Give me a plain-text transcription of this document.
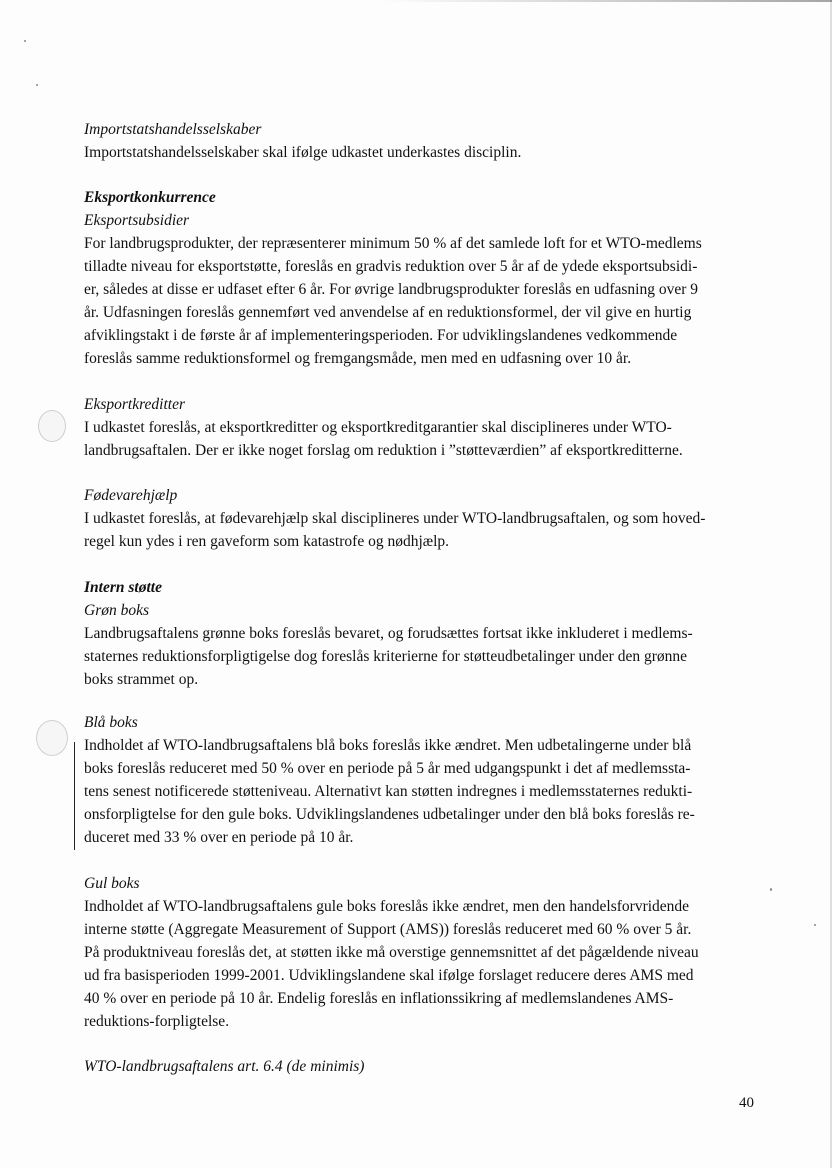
Importstatshandelsselskaber

Importstatshandelsselskaber skal ifølge udkastet underkastes disciplin.

Eksportkonkurrence

Eksportsubsidier

For landbrugsprodukter, der repræsenterer minimum 50 % af det samlede loft for et WTO-medlems

tilladte niveau for eksportstøtte, foreslås en gradvis reduktion over 5 år af de ydede eksportsubsidi-

er, således at disse er udfaset efter 6 år. For øvrige landbrugsprodukter foreslås en udfasning over 9

år. Udfasningen foreslås gennemført ved anvendelse af en reduktionsformel, der vil give en hurtig

afviklingstakt i de første år af implementeringsperioden. For udviklingslandenes vedkommende

foreslås samme reduktionsformel og fremgangsmåde, men med en udfasning over 10 år.

Eksportkreditter

I udkastet foreslås, at eksportkreditter og eksportkreditgarantier skal disciplineres under WTO-

landbrugsaftalen. Der er ikke noget forslag om reduktion i ”støtteværdien” af eksportkreditterne.

Fødevarehjælp

I udkastet foreslås, at fødevarehjælp skal disciplineres under WTO-landbrugsaftalen, og som hoved-

regel kun ydes i ren gaveform som katastrofe og nødhjælp.

Intern støtte

Grøn boks

Landbrugsaftalens grønne boks foreslås bevaret, og forudsættes fortsat ikke inkluderet i medlems-

staternes reduktionsforpligtigelse dog foreslås kriterierne for støtteudbetalinger under den grønne

boks strammet op.

Blå boks

Indholdet af WTO-landbrugsaftalens blå boks foreslås ikke ændret. Men udbetalingerne under blå

boks foreslås reduceret med 50 % over en periode på 5 år med udgangspunkt i det af medlemssta-

tens senest notificerede støtteniveau. Alternativt kan støtten indregnes i medlemsstaternes redukti-

onsforpligtelse for den gule boks. Udviklingslandenes udbetalinger under den blå boks foreslås re-

duceret med 33 % over en periode på 10 år.

Gul boks

Indholdet af WTO-landbrugsaftalens gule boks foreslås ikke ændret, men den handelsforvridende

interne støtte (Aggregate Measurement of Support (AMS)) foreslås reduceret med 60 % over 5 år.

På produktniveau foreslås det, at støtten ikke må overstige gennemsnittet af det pågældende niveau

ud fra basisperioden 1999-2001. Udviklingslandene skal ifølge forslaget reducere deres AMS med

40 % over en periode på 10 år. Endelig foreslås en inflationssikring af medlemslandenes AMS-

reduktions-forpligtelse.

WTO-landbrugsaftalens art. 6.4 (de minimis)

40
